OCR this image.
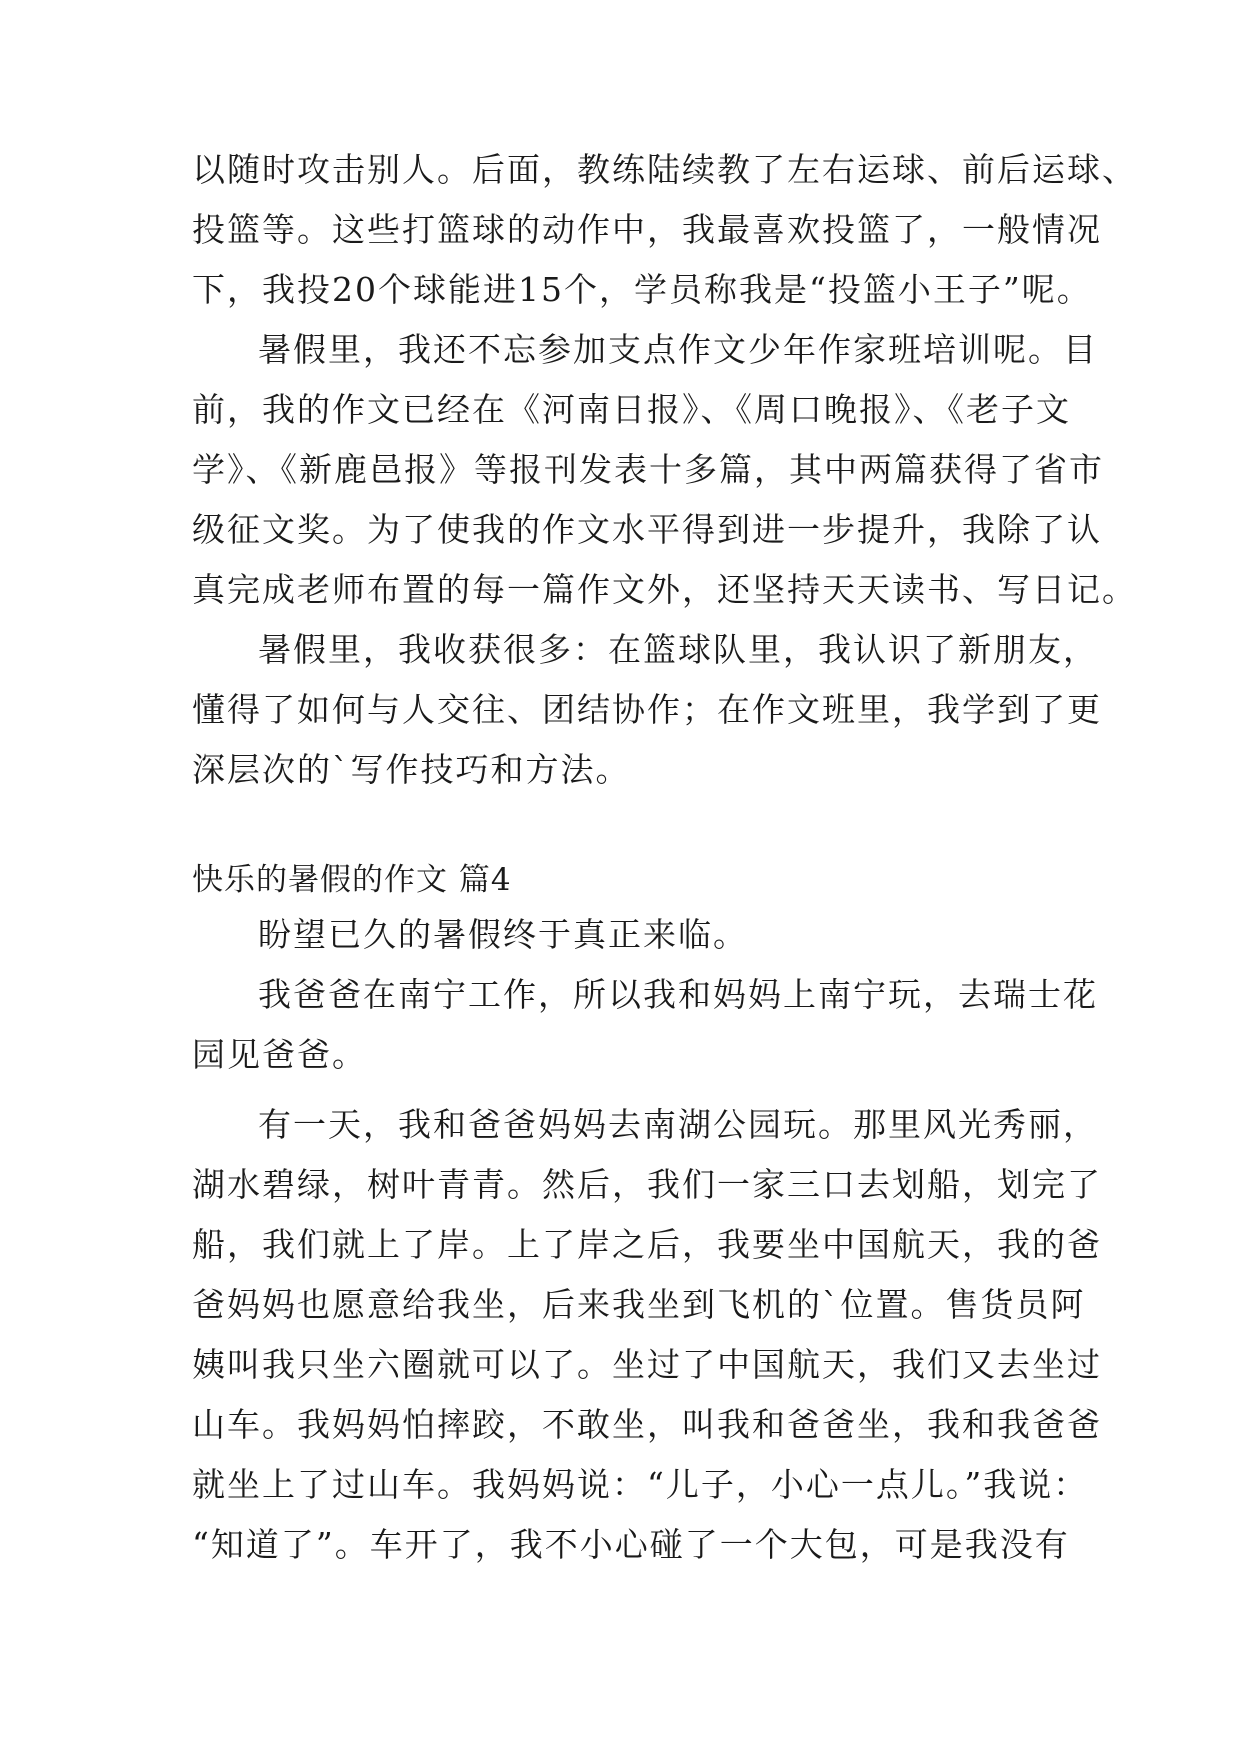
以随时攻击别人。后面，教练陆续教了左右运球、前后运球、
投篮等。这些打篮球的动作中，我最喜欢投篮了，一般情况
下，我投20个球能进15个，学员称我是“投篮小王子”呢。
暑假里，我还不忘参加支点作文少年作家班培训呢。目
前，我的作文已经在《河南日报》、《周口晚报》、《老子文
学》、《新鹿邑报》等报刊发表十多篇，其中两篇获得了省市
级征文奖。为了使我的作文水平得到进一步提升，我除了认
真完成老师布置的每一篇作文外，还坚持天天读书、写日记。
暑假里，我收获很多：在篮球队里，我认识了新朋友，
懂得了如何与人交往、团结协作；在作文班里，我学到了更
深层次的`写作技巧和方法。
快乐的暑假的作文 篇4
盼望已久的暑假终于真正来临。
我爸爸在南宁工作，所以我和妈妈上南宁玩，去瑞士花
园见爸爸。
有一天，我和爸爸妈妈去南湖公园玩。那里风光秀丽，
湖水碧绿，树叶青青。然后，我们一家三口去划船，划完了
船，我们就上了岸。上了岸之后，我要坐中国航天，我的爸
爸妈妈也愿意给我坐，后来我坐到飞机的`位置。售货员阿
姨叫我只坐六圈就可以了。坐过了中国航天，我们又去坐过
山车。我妈妈怕摔跤，不敢坐，叫我和爸爸坐，我和我爸爸
就坐上了过山车。我妈妈说：“儿子，小心一点儿。”我说：
“知道了”。车开了，我不小心碰了一个大包，可是我没有
